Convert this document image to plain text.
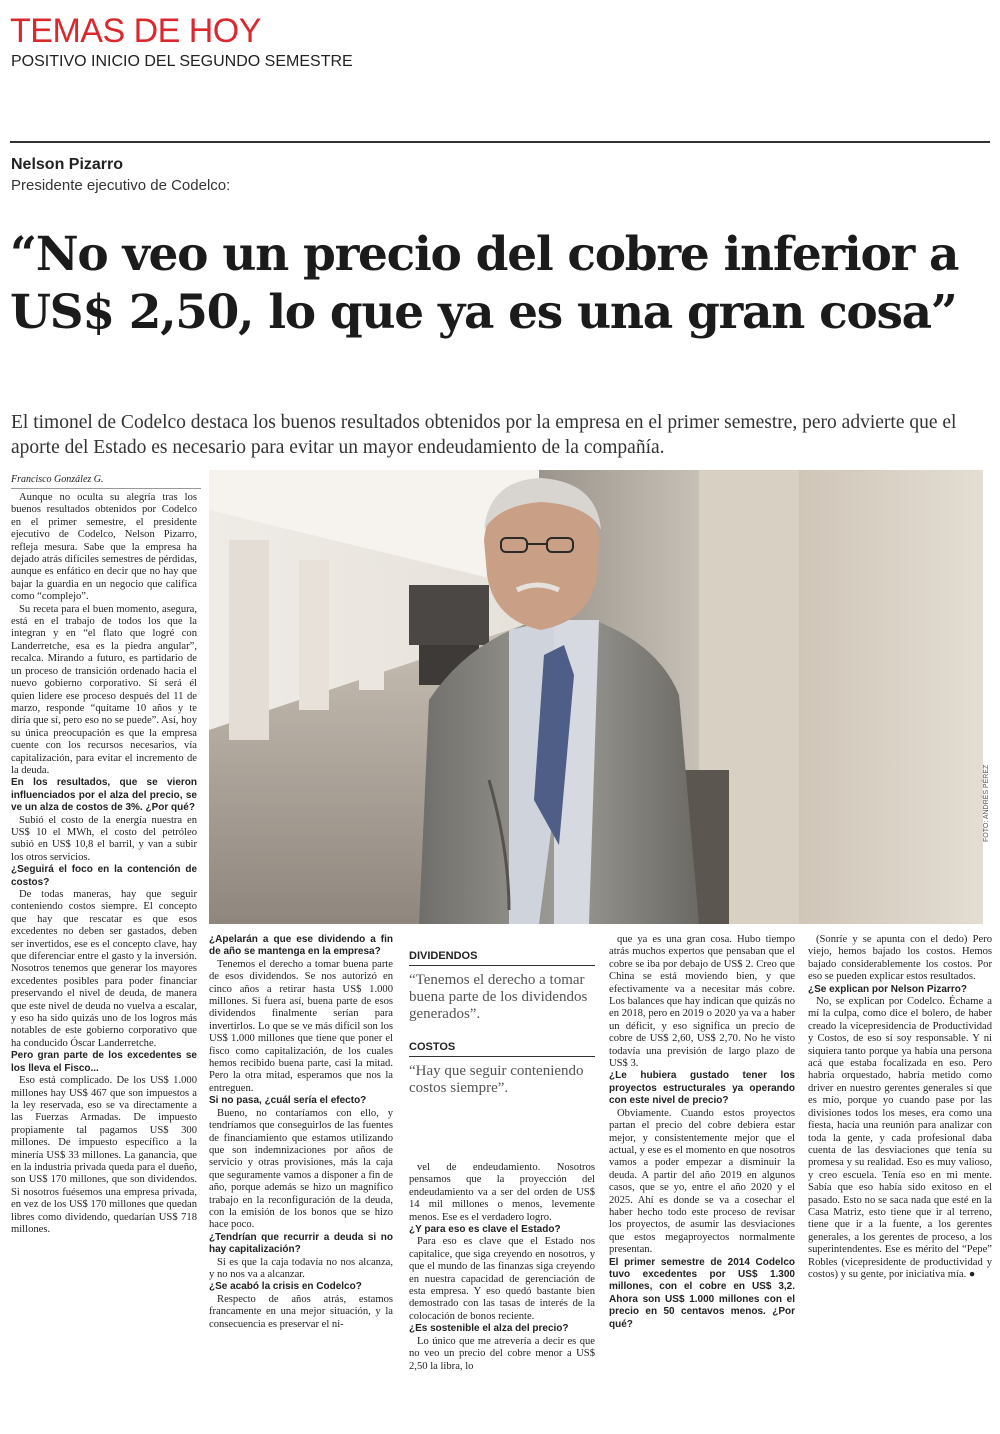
TEMAS DE HOY
POSITIVO INICIO DEL SEGUNDO SEMESTRE
Nelson Pizarro
Presidente ejecutivo de Codelco:
“No veo un precio del cobre inferior a US$ 2,50, lo que ya es una gran cosa”
El timonel de Codelco destaca los buenos resultados obtenidos por la empresa en el primer semestre, pero advierte que el aporte del Estado es necesario para evitar un mayor endeudamiento de la compañía.
Francisco González G.
FOTO: ANDRÉS PÉREZ

Aunque no oculta su alegría tras los buenos resultados obtenidos por Codelco en el primer semestre, el presidente ejecutivo de Codelco, Nelson Pizarro, refleja mesura. Sabe que la empresa ha dejado atrás difíciles semestres de pérdidas, aunque es enfático en decir que no hay que bajar la guardia en un negocio que califica como “complejo”.

Su receta para el buen momento, asegura, está en el trabajo de todos los que la integran y en “el flato que logré con Landerretche, esa es la piedra angular”, recalca. Mirando a futuro, es partidario de un proceso de transición ordenado hacia el nuevo gobierno corporativo. Si será él quien lidere ese proceso después del 11 de marzo, responde “quítame 10 años y te diría que sí, pero eso no se puede”. Así, hoy su única preocupación es que la empresa cuente con los recursos necesarios, vía capitalización, para evitar el incremento de la deuda.

En los resultados, que se vieron influenciados por el alza del precio, se ve un alza de costos de 3%. ¿Por qué?

Subió el costo de la energía nuestra en US$ 10 el MWh, el costo del petróleo subió en US$ 10,8 el barril, y van a subir los otros servicios.

¿Seguirá el foco en la contención de costos?

De todas maneras, hay que seguir conteniendo costos siempre. El concepto que hay que rescatar es que esos excedentes no deben ser gastados, deben ser invertidos, ese es el concepto clave, hay que diferenciar entre el gasto y la inversión. Nosotros tenemos que generar los mayores excedentes posibles para poder financiar preservando el nivel de deuda, de manera que este nivel de deuda no vuelva a escalar, y eso ha sido quizás uno de los logros más notables de este gobierno corporativo que ha conducido Óscar Landerretche.

Pero gran parte de los excedentes se los lleva el Fisco...

Eso está complicado. De los US$ 1.000 millones hay US$ 467 que son impuestos a la ley reservada, eso se va directamente a las Fuerzas Armadas. De impuesto propiamente tal pagamos US$ 300 millones. De impuesto específico a la minería US$ 33 millones. La ganancia, que en la industria privada queda para el dueño, son US$ 170 millones, que son dividendos. Si nosotros fuésemos una empresa privada, en vez de los US$ 170 millones que quedan libres como dividendo, quedarían US$ 718 millones.

¿Apelarán a que ese dividendo a fin de año se mantenga en la empresa?

Tenemos el derecho a tomar buena parte de esos dividendos. Se nos autorizó en cinco años a retirar hasta US$ 1.000 millones. Si fuera así, buena parte de esos dividendos finalmente serían para invertirlos. Lo que se ve más difícil son los US$ 1.000 millones que tiene que poner el fisco como capitalización, de los cuales hemos recibido buena parte, casi la mitad. Pero la otra mitad, esperamos que nos la entreguen.

Si no pasa, ¿cuál sería el efecto?

Bueno, no contaríamos con ello, y tendríamos que conseguirlos de las fuentes de financiamiento que estamos utilizando que son indemnizaciones por años de servicio y otras provisiones, más la caja que seguramente vamos a disponer a fin de año, porque además se hizo un magnífico trabajo en la reconfiguración de la deuda, con la emisión de los bonos que se hizo hace poco.

¿Tendrían que recurrir a deuda si no hay capitalización?

Si es que la caja todavía no nos alcanza, y no nos va a alcanzar.

¿Se acabó la crisis en Codelco?

Respecto de años atrás, estamos francamente en una mejor situación, y la consecuencia es preservar el ni-

DIVIDENDOS
“Tenemos el derecho a tomar buena parte de los dividendos generados”.
COSTOS
“Hay que seguir conteniendo costos siempre”.

vel de endeudamiento. Nosotros pensamos que la proyección del endeudamiento va a ser del orden de US$ 14 mil millones o menos, levemente menos. Ese es el verdadero logro.

¿Y para eso es clave el Estado?

Para eso es clave que el Estado nos capitalice, que siga creyendo en nosotros, y que el mundo de las finanzas siga creyendo en nuestra capacidad de gerenciación de esta empresa. Y eso quedó bastante bien demostrado con las tasas de interés de la colocación de bonos reciente.

¿Es sostenible el alza del precio?

Lo único que me atrevería a decir es que no veo un precio del cobre menor a US$ 2,50 la libra, lo

que ya es una gran cosa. Hubo tiempo atrás muchos expertos que pensaban que el cobre se iba por debajo de US$ 2. Creo que China se está moviendo bien, y que efectivamente va a necesitar más cobre. Los balances que hay indican que quizás no en 2018, pero en 2019 o 2020 ya va a haber un déficit, y eso significa un precio de cobre de US$ 2,60, US$ 2,70. No he visto todavía una previsión de largo plazo de US$ 3.

¿Le hubiera gustado tener los proyectos estructurales ya operando con este nivel de precio?

Obviamente. Cuando estos proyectos partan el precio del cobre debiera estar mejor, y consistentemente mejor que el actual, y ese es el momento en que nosotros vamos a poder empezar a disminuir la deuda. A partir del año 2019 en algunos casos, que se yo, entre el año 2020 y el 2025. Ahí es donde se va a cosechar el haber hecho todo este proceso de revisar los proyectos, de asumir las desviaciones que estos megaproyectos normalmente presentan.

El primer semestre de 2014 Codelco tuvo excedentes por US$ 1.300 millones, con el cobre en US$ 3,2. Ahora son US$ 1.000 millones con el precio en 50 centavos menos. ¿Por qué?

(Sonríe y se apunta con el dedo) Pero viejo, hemos bajado los costos. Hemos bajado considerablemente los costos. Por eso se pueden explicar estos resultados.

¿Se explican por Nelson Pizarro?

No, se explican por Codelco. Échame a mí la culpa, como dice el bolero, de haber creado la vicepresidencia de Productividad y Costos, de eso sí soy responsable. Y ni siquiera tanto porque ya había una persona acá que estaba focalizada en eso. Pero habría orquestado, habría metido como driver en nuestro gerentes generales sí que es mío, porque yo cuando pase por las divisiones todos los meses, era como una fiesta, hacía una reunión para analizar con toda la gente, y cada profesional daba cuenta de las desviaciones que tenía su promesa y su realidad. Eso es muy valioso, y creo escuela. Tenía eso en mi mente. Sabía que eso había sido exitoso en el pasado. Esto no se saca nada que esté en la Casa Matriz, esto tiene que ir al terreno, tiene que ir a la fuente, a los gerentes generales, a los gerentes de proceso, a los superintendentes. Ese es mérito del “Pepe” Robles (vicepresidente de productividad y costos) y su gente, por iniciativa mía. ●
